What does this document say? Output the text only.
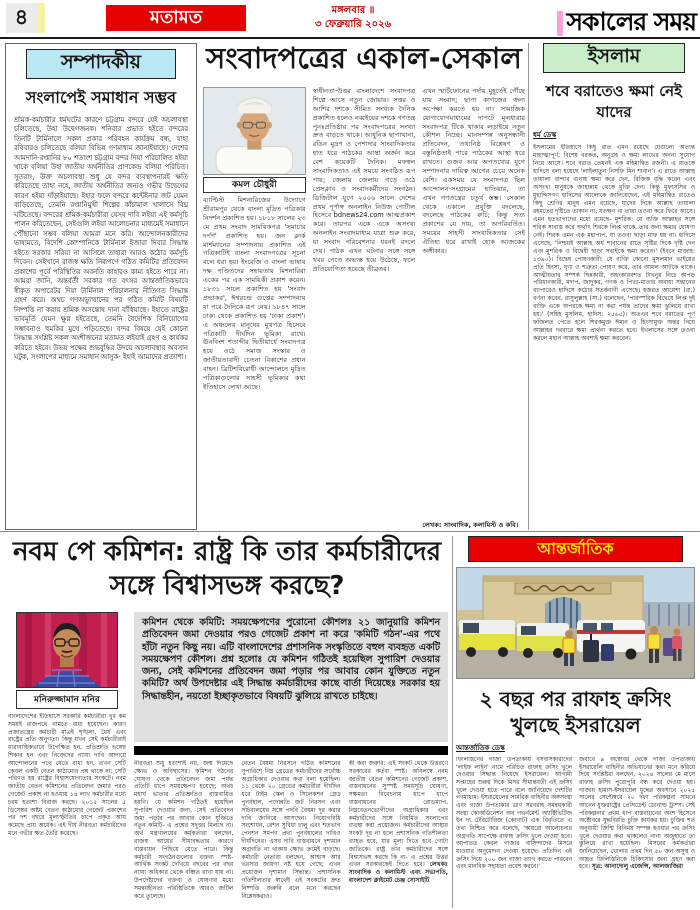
৪	মতামত	মঙ্গলবার ॥
৩ ফেব্রুয়ারি ২০২৬	সকালের সময়
সম্পাদকীয়
সংলাপেই সমাধান সম্ভব
শ্রমিক-কর্মচারীর ধর্মঘটের কারণে চট্টগ্রাম বন্দরে যেই অচলাবস্থা চলিতেছে, উহা উদ্বেগজনক। শনিবার প্রভাত হইতে বন্দরের তিনটি টার্মিনালে সকল প্রকার পরিবহন কার্যক্রম বন্ধ, যাহা রবিবারও চলিতেছে বলিয়া বিভিন্ন গণমাধ্যম জানাইয়াছে। দেশের আমদানি-রপ্তানির ৮০ শতাংশ চট্টগ্রাম বন্দর দিয়া পরিচালিত হইয়া থাকে বলিয়া উহা জাতীয় অর্থনীতির প্রাণকেন্দ্র বলিয়া পরিচিত। সুতরাং, উক্ত অচলাবস্থা শুধু যে বন্দর ব্যবস্থাপনারই ক্ষতি করিতেছে তাহা নহে, জাতীয় অর্থনীতির জন্যও গভীর উদ্বেগের কারণ হইয়া দাঁড়াইয়াছে। ইহার ফলে বন্দরে কন্টেইনার জট যেমন বাড়িতেছে, তেমনি রপ্তানিমুখী শিল্পের কাঁচামাল খালাসে বিঘ্ন ঘটিতেছে। বন্দরের শ্রমিক-কর্মচারীরা যেসব দাবি লইয়া এই কর্মসূচি পালন করিতেছেন, সেইগুলি লইয়া আলোচনার মাধ্যমেই সমাধানে পৌঁছানো সম্ভব বলিয়া আমরা মনে করি। আন্দোলনকারীদের ভাষ্যমতে, বিদেশি কোম্পানিকে টার্মিনাল ইজারা দিবার সিদ্ধান্ত হইতে সরকার সরিয়া না আসিলে তাহারা আরও কঠোর কর্মসূচি দিবেন। সেইখানে রাজস্ব ক্ষতি নিরূপণে গঠিত কমিটির প্রতিবেদন প্রকাশের পূর্বে পরিস্থিতির অবনতি কাহারও কাম্য হইতে পারে না। আমরা জানি, অন্তর্বর্তী সরকার গত বৎসর আন্তর্জাতিকভাবে স্বীকৃত অপারেটর দিয়া টার্মিনাল পরিচালনার নীতিগত সিদ্ধান্ত গ্রহণ করে। অথচ গণঅভ্যুত্থানের পর গঠিত কমিটি বিষয়টি নিষ্পত্তি না করায় শ্রমিক অসন্তোষ দানা বাঁধিয়াছে। ইহাতে রাষ্ট্রের ভাবমূর্তি যেমন ক্ষুণ্ণ হইতেছে, তেমনি বৈদেশিক বিনিয়োগের সম্ভাবনাও হুমকির মুখে পড়িতেছে। বন্দর বিষয়ে যেই কোনো সিদ্ধান্ত সংশ্লিষ্ট সকল অংশীজনের মতামত লইয়াই গ্রহণ ও কার্যকর করিতে হইবে। উভয় পক্ষের শুভবুদ্ধির উদয়ে অচলাবস্থার অবসান ঘটুক, সংলাপের মাধ্যমে সমাধান আসুক- ইহাই আমাদের প্রত্যাশা।
সংবাদপত্রের একাল-সেকাল
কমল চৌধুরী
ব্যাপ্টিস্ট মিশনারিজের উদ্যোগে শ্রীরামপুর থেকে বাংলা মুদ্রিত পত্রিকার নিদর্শন প্রকাশিত হয়। ১৮১৮ সালের ২৩ মে প্রথম সংবাদ সাময়িকপত্র 'সমাচার দর্পণ' প্রকাশিত হয়। জন ক্লার্ক মার্শম্যানের সম্পাদনায় প্রকাশিত এই পত্রিকাটিই বাংলা সংবাদপত্রের সূচনা বলে ধরা হয়। ইংরেজি ও বাংলা ভাষায় দক্ষ পণ্ডিতদের সহায়তায় মিশনারিরা একের পর এক সাময়িকী প্রকাশ করেন। ১৮৩১ সালে প্রকাশিত হয় 'সংবাদ প্রভাকর', ঈশ্বরচন্দ্র গুপ্তের সম্পাদনায় যা পরে দৈনিকে রূপ নেয়। ১৮৪৭ সালে ঢাকা থেকে প্রকাশিত হয় 'ঢাকা প্রকাশ'। এ অঞ্চলের মানুষের মুখপত্র হিসেবে পত্রিকাটি দীর্ঘদিন ভূমিকা রাখে। ঊনবিংশ শতাব্দীর দ্বিতীয়ার্ধে সংবাদপত্র হয়ে ওঠে সমাজ সংস্কার ও জাতীয়তাবাদী চেতনা বিকাশের প্রধান বাহন। ব্রিটিশবিরোধী আন্দোলনে মুদ্রিত পত্রিকাগুলোর সাহসী ভূমিকার কথা ইতিহাসে লেখা আছে।
স্বাধীনতা-উত্তর বাংলাদেশে সংবাদপত্র শিল্পে আসে নতুন জোয়ার। সত্তর ও আশির দশকে সীমিত সংখ্যক দৈনিক প্রকাশিত হলেও নব্বইয়ের দশকে গণতন্ত্র পুনঃপ্রতিষ্ঠার পর সংবাদপত্রের সংখ্যা দ্রুত বাড়তে থাকে। আধুনিক ছাপাখানা, রঙিন মুদ্রণ ও পেশাদার সাংবাদিকতার হাত ধরে পাঠকের আস্থা অর্জন করে বেশ কয়েকটি দৈনিক। মফস্বল সাংবাদিকতাও এই সময়ে সংগঠিত রূপ পায়; জেলায় জেলায় গড়ে ওঠে প্রেসক্লাব ও সংবাদকর্মীদের সংগঠন। ডিজিটাল যুগে ২০০৬ সালে দেশের প্রথম পূর্ণাঙ্গ অনলাইন নিউজ পোর্টাল হিসেবে bdnews24.com আত্মপ্রকাশ করে। তারপর একে একে অসংখ্য অনলাইন সংবাদমাধ্যম যাত্রা শুরু করে, যা সংবাদ পরিবেশনার ধরনই বদলে দেয়। পাঠক এখন ঘটনার সঙ্গে সঙ্গে খবর পেতে অভ্যস্ত হয়ে উঠেছে, ফলে প্রতিযোগিতা হয়েছে তীব্রতর।
এখন স্মার্টফোনের পর্দায় মুহূর্তেই পৌঁছে যায় সংবাদ; ছাপা কাগজের জন্য অপেক্ষা করতে হয় না। সামাজিক যোগাযোগমাধ্যমের দাপটে মূলধারার সংবাদপত্র টিকে থাকার লড়াইয়ে নতুন কৌশল নিচ্ছে। মানসম্পন্ন অনুসন্ধানী প্রতিবেদন, তথ্যনিষ্ঠ বিশ্লেষণ ও বস্তুনিষ্ঠতাই পারে পাঠকের আস্থা ধরে রাখতে। গুজব আর অপতথ্যের যুগে সম্পাদনার দায়িত্ব আগের চেয়ে অনেক বেশি। একসময় যে সংবাদপত্র ছিল আন্দোলন-সংগ্রামের হাতিয়ার, তা এখন গণতন্ত্রের চতুর্থ স্তম্ভ। সেকাল থেকে একালে প্রযুক্তি বদলেছে, বদলেছে পাঠকের রুচি; কিন্তু সত্য প্রকাশের যে দায়, তা অপরিবর্তিত। সময়ের সাহসী সাংবাদিকতার সেই ঐতিহ্য ধরে রাখাই হোক আজকের অঙ্গীকার।
লেখক: সাংবাদিক, কলামিস্ট ও কবি।
ইসলাম
শবে বরাতেও ক্ষমা নেই যাদের
ধর্ম ডেস্ক
ইসলামের ইতিহাসে কিছু রাত এমন রয়েছে যেগুলো অত্যন্ত মাহাত্ম্যপূর্ণ; বিশেষ বরকত, অনুগ্রহ ও ক্ষমা লাভের অনন্য সুযোগ নিয়ে আসে। শবে বরাত তেমনই এক মহিমান্বিত রজনী। এ রাতকে হাদিসে বলা হয়েছে 'লাইলাতুন নিসফি মিন শাবান'। এ রাতে আল্লাহ তায়ালা বান্দার গুনাহ ক্ষমা করে দেন, রিজিক বৃদ্ধি করেন এবং অসংখ্য মানুষকে জাহান্নাম থেকে মুক্তি দেন। কিন্তু মুফাসসির ও মুহাদ্দিসগণ হাদিসের আলোকে জানিয়েছেন, এই মহিমান্বিত রাতেও কিছু শ্রেণির মানুষ এমন রয়েছে, যাদের দিকে আল্লাহ তায়ালা রহমতের দৃষ্টিতে তাকান না, যতক্ষণ না তারা তওবা করে ফিরে আসে। এমন হতভাগাদের মধ্যে রয়েছে- মুশরিক: যে ব্যক্তি আল্লাহর সঙ্গে শরিক সাব্যস্ত করে অর্থাৎ শিরকে লিপ্ত থাকে, তার জন্য ক্ষমার ঘোষণা নেই। শিরক এমন এক মহাপাপ, যা তওবা ছাড়া মাফ হয় না। হাদিসে এসেছে, 'নিশ্চয়ই আল্লাহ অর্ধ শাবানের রাতে সৃষ্টির দিকে দৃষ্টি দেন এবং মুশরিক ও বিদ্বেষী ছাড়া সবাইকে ক্ষমা করেন।' (ইবনে মাজাহ: ১৩৯০)। বিদ্বেষ পোষণকারী: যে ব্যক্তি কোনো মুসলমান ভাইয়ের প্রতি হিংসা, ঘৃণা ও শত্রুতা পোষণ করে, তার আমল আটকে থাকে। আত্মীয়তার সম্পর্ক ছিন্নকারী, অহংকারবশত টাখনুর নিচে কাপড় পরিধানকারী, মদ্যপ, জাদুকর, গণক ও পিতা-মাতার অবাধ্য সন্তানের ব্যাপারেও হাদিসে কঠোর সতর্কবাণী এসেছে। হজরত আয়েশা (রা.) বর্ণনা করেন, রাসুলুল্লাহ (সা.) বলেছেন, 'পারস্পরিক বিদ্বেষে লিপ্ত দুই ব্যক্তি একে অপরকে ক্ষমা না করা পর্যন্ত তাদের ক্ষমা ঝুলিয়ে রাখা হয়।' (সহিহ মুসলিম, হাদিস: ২৫৬৫)। অতএব শবে বরাতের পূর্ণ ফজিলত পেতে হলে শিরকমুক্ত ঈমান ও হিংসামুক্ত অন্তর নিয়ে আল্লাহর দরবারে ক্ষমা প্রার্থনা করতে হবে। ইখলাসের সঙ্গে তওবা করলে মহান আল্লাহ অবশ্যই ক্ষমা করবেন।
নবম পে কমিশন: রাষ্ট্র কি তার কর্মচারীদের সঙ্গে বিশ্বাসভঙ্গ করছে?
মনিরুজ্জামান মনির
বাংলাদেশের ইতিহাসে সরকারি কর্মচারীরা খুব কম সময়ই রাজপথে নামতে বাধ্য হয়েছেন। কারণ প্রজাতন্ত্রের কর্মচারী মাত্রই শৃঙ্খলা, ধৈর্য এবং রাষ্ট্রের প্রতি অনুগত্য। কিন্তু যখন সেই কর্মচারীরাই ধারাবাহিকভাবে উপেক্ষিত হন, প্রতিশ্রুতি ভঙ্গের শিকার হন এবং নিজেদের ন্যায্য দাবি আদায়ে আন্দোলনের পথে যেতে বাধ্য হন, তখন সেটি কেবল একটি বেতন কাঠামোর প্রশ্ন থাকে না; সেটি পরিণত হয় রাষ্ট্রের বিশ্বাসযোগ্যতার সংকটে। নবম জাতীয় বেতন কমিশনের প্রতিবেদন জমার পরও গেজেট প্রকাশ না হওয়ায় ১৪ লাখ কর্মচারীর মধ্যে চরম হতাশা বিরাজ করছে। ২০১৫ সালের ৫ ডিসেম্বর অষ্টম বেতন কাঠামোর গেজেট প্রকাশের পর দশ বছরে মূল্যস্ফীতির চাপে প্রকৃত আয় কমেছে প্রায় অর্ধেক। এই দীর্ঘ নীরবতা কর্মচারীদের মনে গভীর ক্ষত তৈরি করেছে।
কমিশন থেকে কমিটি: সময়ক্ষেপণের পুরোনো কৌশলঃ ২১ জানুয়ারি কমিশন প্রতিবেদন জমা দেওয়ার পরও গেজেট প্রকাশ না করে 'কমিটি গঠন'-এর পথে হাঁটা নতুন কিছু নয়। এটি বাংলাদেশের প্রশাসনিক সংস্কৃতিতে বহুল ব্যবহৃত একটি সময়ক্ষেপণ কৌশল। প্রশ্ন হলোঃ যে কমিশন গঠিতই হয়েছিল সুপারিশ দেওয়ার জন্য, সেই কমিশনের প্রতিবেদন জমা পড়ার পর আবার কোন যুক্তিতে নতুন কমিটি? অর্থ উপদেষ্টার এই সিদ্ধান্ত কর্মচারীদের কাছে বার্তা দিয়েছেঃ সরকার হয় সিদ্ধান্তহীন, নয়তো ইচ্ছাকৃতভাবে বিষয়টি ঝুলিয়ে রাখতে চাইছে।
নীরবতা শুধু হতাশাই নয়, জন্ম দিয়েছে ক্ষোভ ও অবিশ্বাসের। কমিশন গঠনের ঘোষণা থেকে প্রতিবেদন জমা পর্যন্ত প্রতিটি ধাপে সময়ক্ষেপণ হয়েছে; অথচ মহার্ঘ ভাতার প্রতিশ্রুতিও বাস্তবায়িত হয়নি। যে কমিশন গঠিতই হয়েছিল সুপারিশ দেওয়ার জন্য, সেই প্রতিবেদন জমা পড়ার পর আবার কোন যুক্তিতে নতুন কমিটি- এ প্রশ্নের সদুত্তর মিলছে না। অর্থ মন্ত্রণালয়ের কর্মকর্তারা বলছেন, রাজস্ব আয়ের সীমাবদ্ধতার কারণে বাস্তবায়ন পিছিয়ে যেতে পারে। কিন্তু কর্মচারী সংগঠনগুলোর বক্তব্য স্পষ্ট- আর্থিক সংকট দেখিয়ে বছরের পর বছর ন্যায্য অধিকার থেকে বঞ্চিত রাখা যায় না। উপদেষ্টাদের বক্তব্য ও ঘোষণার মধ্যে সমন্বয়হীনতা পরিস্থিতিকে আরও জটিল করে তুলেছে।
বেতন বৈষম্য নিরসনে গঠিত কমিশনের সুপারিশে নিম্ন গ্রেডের কর্মচারীদের সর্বোচ্চ অগ্রাধিকার দেওয়ার কথা বলা হয়েছিল। ১১ থেকে ২০ গ্রেডের কর্মচারীরা দীর্ঘদিন ধরে টাইম স্কেল ও সিলেকশন গ্রেড পুনর্বহাল, পদোন্নতি জট নিরসন এবং সচিবালয়ের সঙ্গে পদবি বৈষম্য দূর করার দাবি জানিয়ে আসছেন। নিয়োগবিধি সংশোধন, রেশন সুবিধা চালু এবং শতভাগ পেনশন সমর্পণ প্রথা পুনর্বহালের দাবিও দীর্ঘদিনের। এসব দাবি বাস্তবায়নে দৃশ্যমান অগ্রগতি না থাকায় ক্ষোভ ক্রমেই বাড়ছে। কর্মচারী নেতারা বলছেন, আশ্বাস আর ভরসার জায়গা নষ্ট হয়ে গেছে; এখন প্রয়োজন দৃশ্যমান সিদ্ধান্ত। প্রশাসনিক গতিশীলতার স্বার্থেই এই সংকটের দ্রুত নিষ্পত্তি জরুরি বলে মনে করছেন বিশ্লেষকরাও।
কী করা জরুরি: এই সংকট থেকে উত্তরণে সরকারের কর্তব্য স্পষ্ট। অবিলম্বে নবম জাতীয় বেতন কমিশনের গেজেট প্রকাশ, বাস্তবায়নের সুস্পষ্ট সময়সূচি ঘোষণা, সক্ষমতা বিবেচনায় ধাপে ধাপে বাস্তবায়নের রোডম্যাপ, নিম্নবেতনভোগীদের অগ্রাধিকার এবং কর্মচারীদের সঙ্গে নিয়মিত সংলাপের ব্যবস্থা করা প্রয়োজন। কর্মচারীদের আস্থার সংকট দূর না হলে প্রশাসনিক গতিশীলতা ব্যাহত হবে, যার মূল্য দিতে হবে গোটা জাতিকে। রাষ্ট্র তার কর্মচারীদের সঙ্গে বিশ্বাসভঙ্গ করছে কি না- এ প্রশ্নের উত্তর এখন সরকারকেই দিতে হবে। লেখকঃ সাংবাদিক ও কলামিস্ট এবং সভাপতি, বাংলাদেশ ক্লাইমেট চেঞ্জ সোসাইটি
আন্তর্জাতিক
২ বছর পর রাফাহ ক্রসিং খুলছে ইসরায়েল
আন্তর্জাতিক ডেস্ক
ফিলিস্তিনের গাজা উপত্যকায় বসবাসকারীদের 'লাইফ লাইন' নামে পরিচিত রাফাহ ক্রসিং খুলে দেওয়ার সিদ্ধান্ত নিয়েছে ইসরায়েল। আগামী সপ্তাহের শুরুর দিকে মিসর সীমান্তবর্তী এই ক্রসিং খুলে দেওয়া হতে পারে বলে জানিয়েছে দেশটির গণমাধ্যম। ইসরায়েলের সামরিক বাহিনীর অঙ্গসংস্থা এবং গাজা উপত্যকার ত্রাণ সরবরাহ সমন্বয়কারী সংস্থা কোঅর্ডিনেশন অব গভর্নমেন্ট অ্যাক্টিভিটিজ ইন দ্য টেরিটোরিজ (কোগাট) এক বিবৃতিতে এ তথ্য নিশ্চিত করে বলেছে, 'কায়রো আলোচনার অগ্রগতি সাপেক্ষে রাফাহ ক্রসিং খুলে দেওয়া হবে। আপাতত কেবল গাজার বাসিন্দাদের মিসরে যাওয়ার অনুমোদন দেওয়া হয়েছে। প্রতিদিন এই ক্রসিং দিয়ে ২০০ জন গাজা ত্যাগ করতে পারবেন এবং মানবিক সহায়তা প্রবেশ করবে।'
জবাবে ৯ অক্টোবর থেকে গাজা উপত্যকায় ইসরায়েলি বাহিনীর অভিযানের কথা মনে করিয়ে দিয়ে সংশ্লিষ্টরা বলছেন, ২০২৪ সালের মে মাসে রাফাহ ক্রসিং পুরোপুরি বন্ধ করে দেওয়া হয়। গাজায় হামাস-ইসরায়েল যুদ্ধের অবসানে ২০২৫ সালের সেপ্টেম্বরে ২০ দফা পরিকল্পনা সামনে আনেন যুক্তরাষ্ট্রের প্রেসিডেন্ট ডোনাল্ড ট্রাম্প। সেই পরিকল্পনার প্রথম ধাপ বাস্তবায়নের অংশ হিসেবে অক্টোবরে যুদ্ধবিরতি চুক্তি কার্যকর হয়। চুক্তির শর্ত অনুযায়ী জিম্মি বিনিময় সম্পন্ন হওয়ার পর ক্রসিং খুলে দেওয়ার কথা থাকলেও নানা অজুহাতে তা ঝুলিয়ে রাখা হয়েছিল। মিসরের কর্মকর্তারা জানিয়েছেন, খোলার প্রথম দিন ৫০ জন অসুস্থ ও আহত ফিলিস্তিনিকে চিকিৎসার জন্য গ্রহণ করা হবে। সূত্র: আনাদোলু এজেন্সি, আলজাজিরা
